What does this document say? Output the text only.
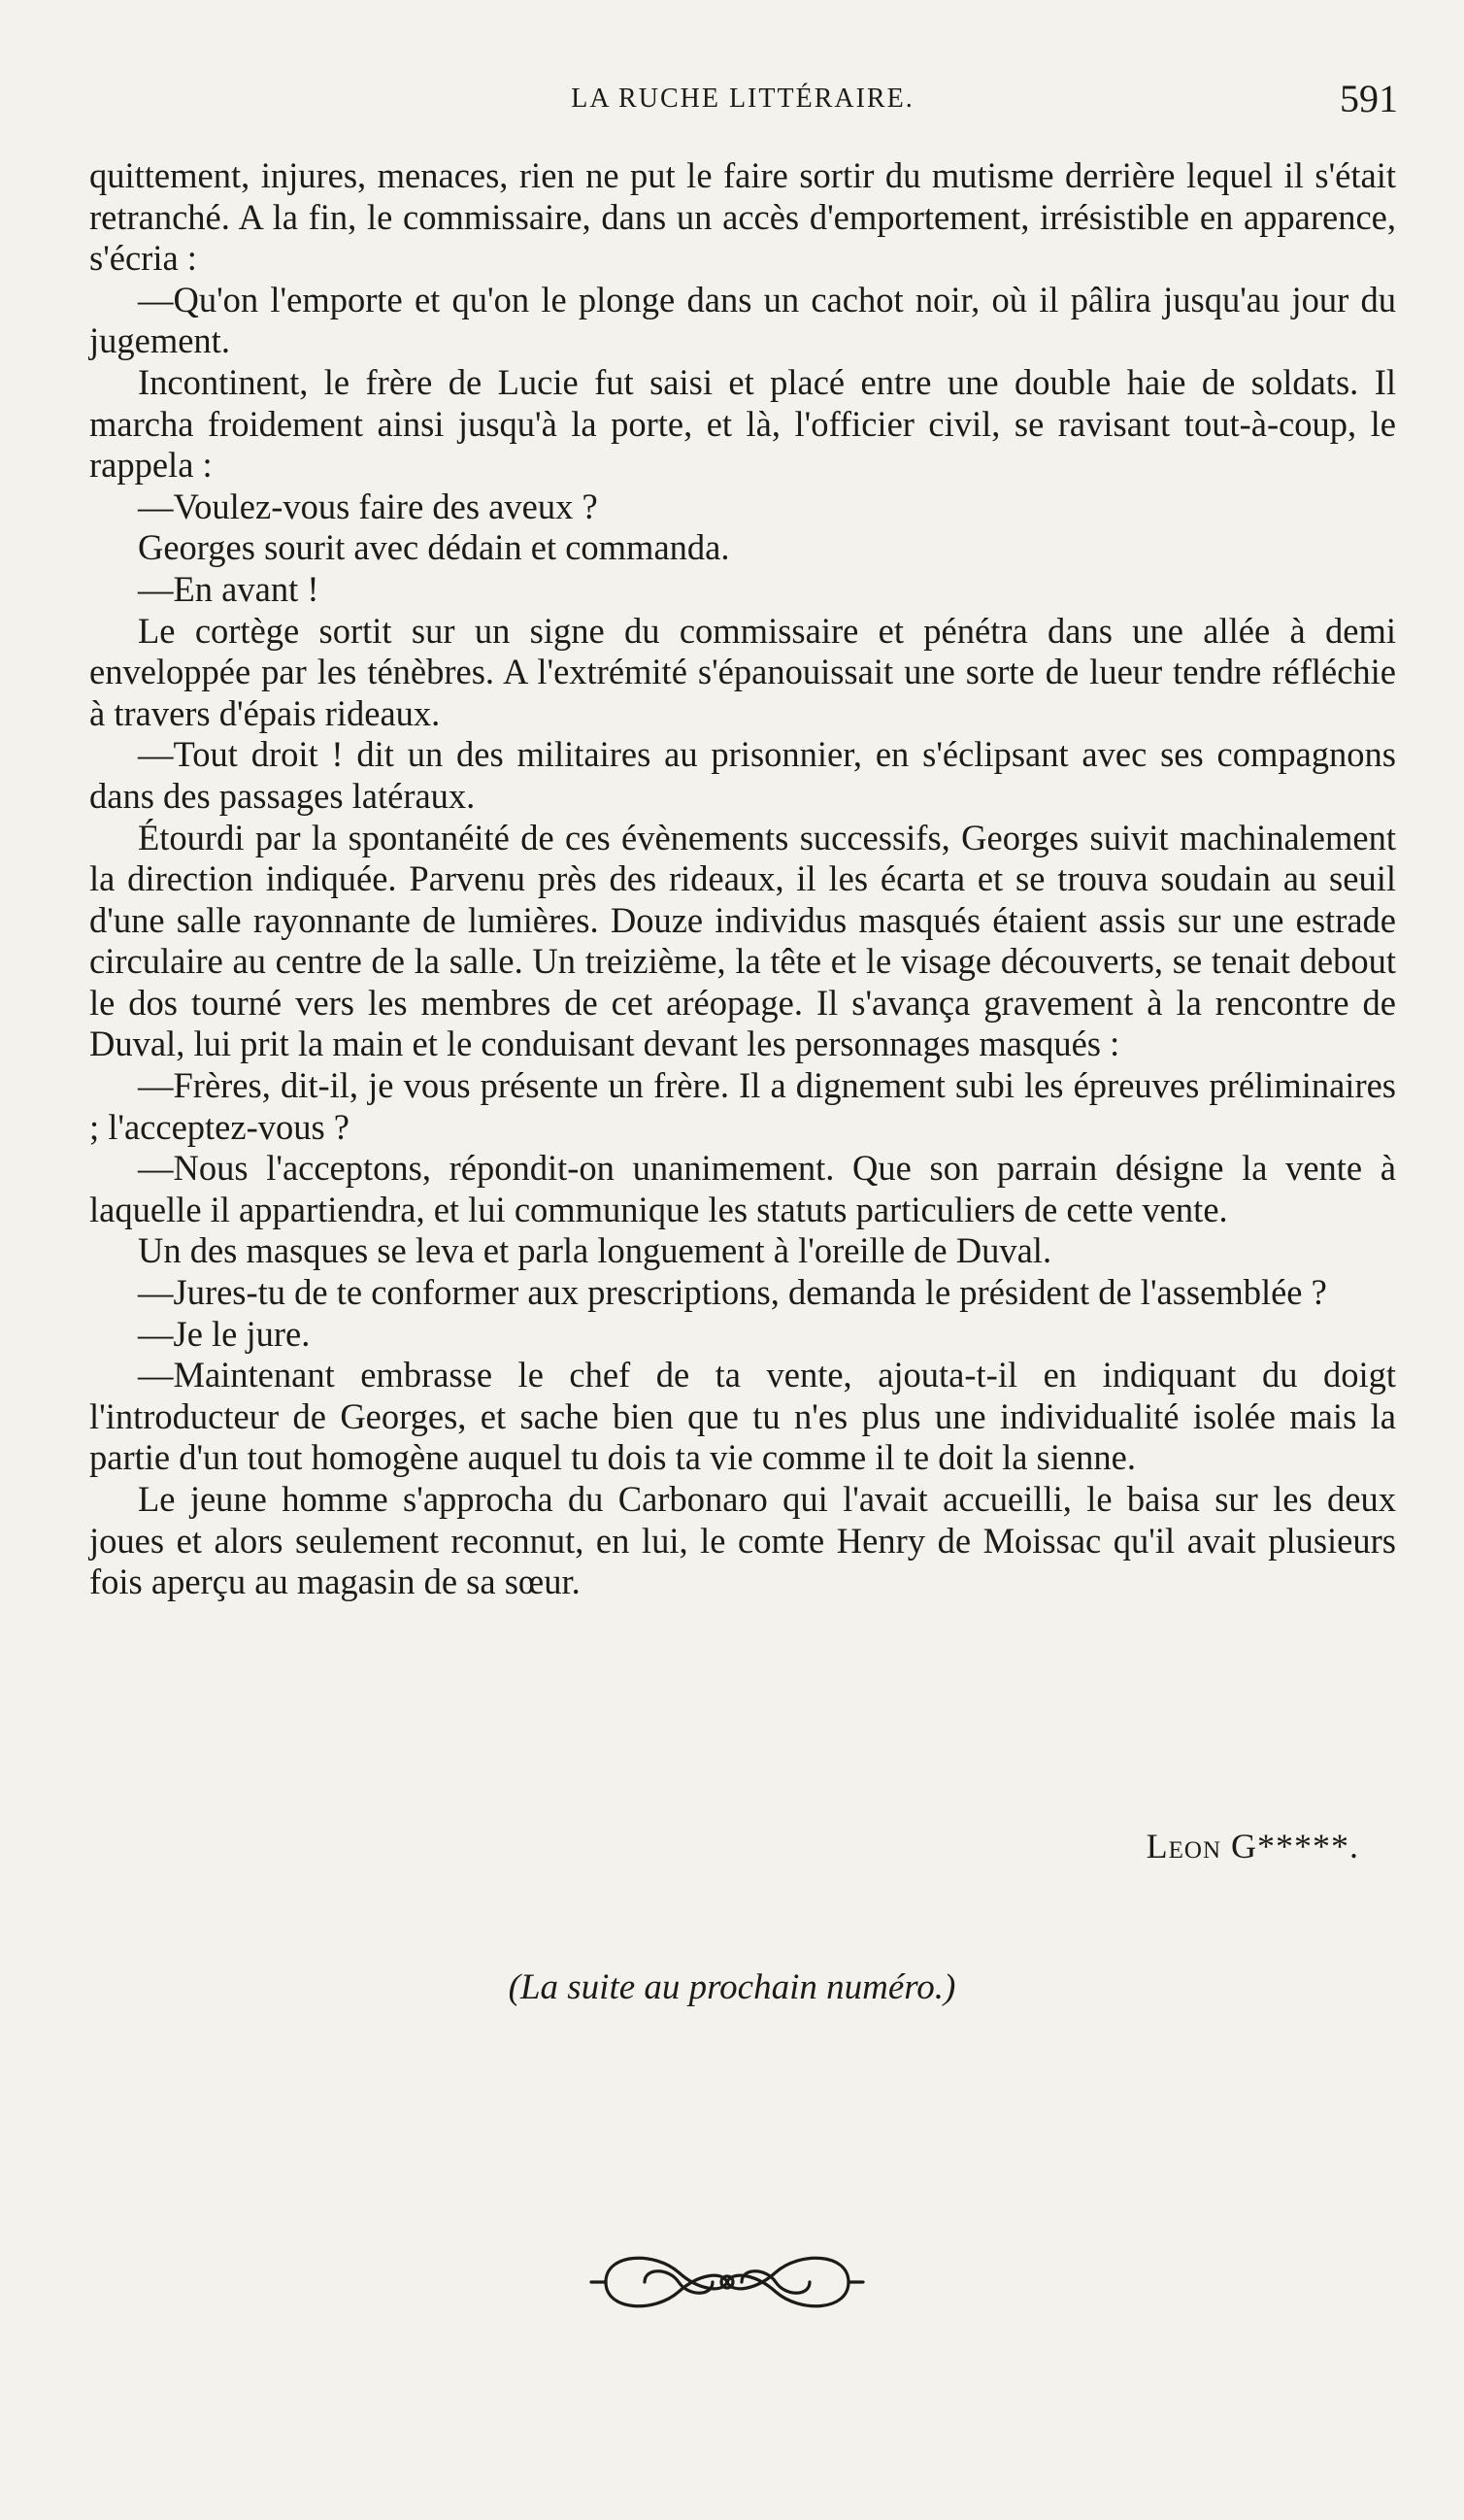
LA RUCHE LITTÉRAIRE.	591

quittement, injures, menaces, rien ne put le faire sortir du mutisme derrière lequel il s'était retranché. A la fin, le commissaire, dans un accès d'emportement, irrésistible en apparence, s'écria :

—Qu'on l'emporte et qu'on le plonge dans un cachot noir, où il pâlira jusqu'au jour du jugement.

Incontinent, le frère de Lucie fut saisi et placé entre une double haie de soldats. Il marcha froidement ainsi jusqu'à la porte, et là, l'officier civil, se ravisant tout-à-coup, le rappela :

—Voulez-vous faire des aveux ?

Georges sourit avec dédain et commanda.

—En avant !

Le cortège sortit sur un signe du commissaire et pénétra dans une allée à demi enveloppée par les ténèbres. A l'extrémité s'épanouissait une sorte de lueur tendre réfléchie à travers d'épais rideaux.

—Tout droit ! dit un des militaires au prisonnier, en s'éclipsant avec ses compagnons dans des passages latéraux.

Étourdi par la spontanéité de ces évènements successifs, Georges suivit machinalement la direction indiquée. Parvenu près des rideaux, il les écarta et se trouva soudain au seuil d'une salle rayonnante de lumières. Douze individus masqués étaient assis sur une estrade circulaire au centre de la salle. Un treizième, la tête et le visage découverts, se tenait debout le dos tourné vers les membres de cet aréopage. Il s'avança gravement à la rencontre de Duval, lui prit la main et le conduisant devant les personnages masqués :

—Frères, dit-il, je vous présente un frère. Il a dignement subi les épreuves préliminaires ; l'acceptez-vous ?

—Nous l'acceptons, répondit-on unanimement. Que son parrain désigne la vente à laquelle il appartiendra, et lui communique les statuts particuliers de cette vente.

Un des masques se leva et parla longuement à l'oreille de Duval.

—Jures-tu de te conformer aux prescriptions, demanda le président de l'assemblée ?

—Je le jure.

—Maintenant embrasse le chef de ta vente, ajouta-t-il en indiquant du doigt l'introducteur de Georges, et sache bien que tu n'es plus une individualité isolée mais la partie d'un tout homogène auquel tu dois ta vie comme il te doit la sienne.

Le jeune homme s'approcha du Carbonaro qui l'avait accueilli, le baisa sur les deux joues et alors seulement reconnut, en lui, le comte Henry de Moissac qu'il avait plusieurs fois aperçu au magasin de sa sœur.

Leon G*****.
(La suite au prochain numéro.)
